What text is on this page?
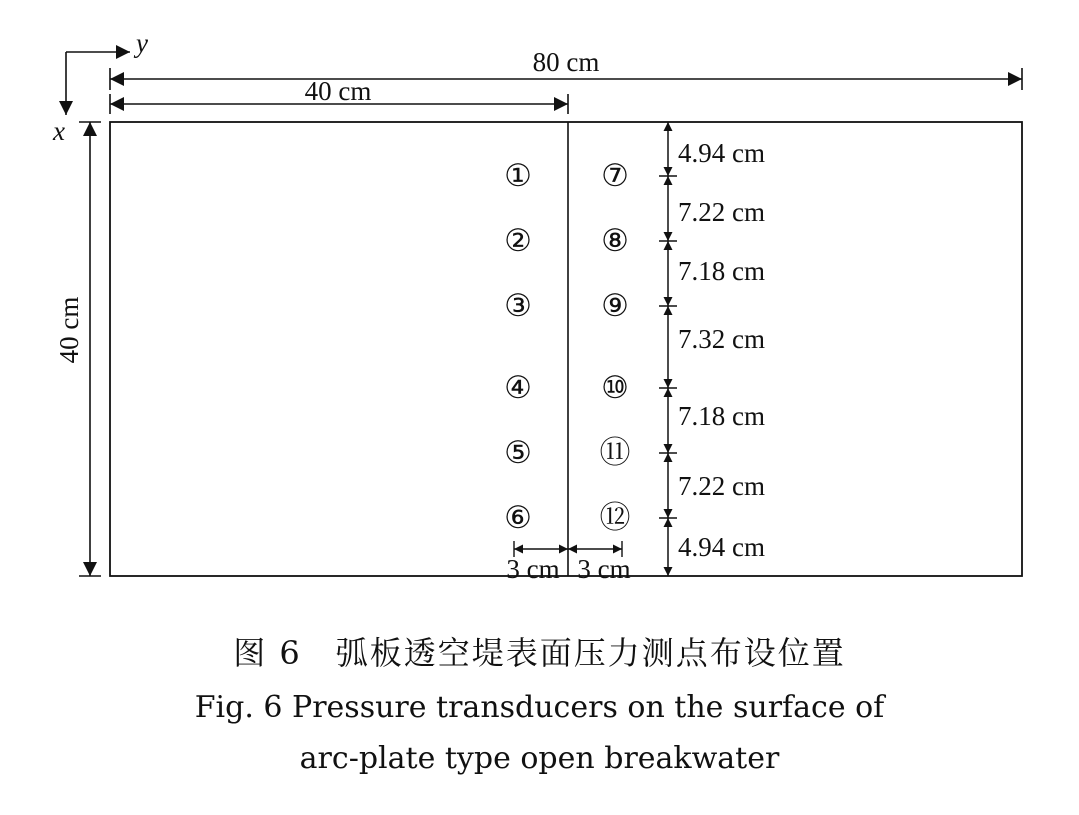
y
x
80 cm
40 cm
40 cm
①
②
③
④
⑤
⑥
⑦
⑧
⑨
⑩
⑪
⑫
4.94 cm
7.22 cm
7.18 cm
7.32 cm
7.18 cm
7.22 cm
4.94 cm
3 cm 3 cm
图 6　弧板透空堤表面压力测点布设位置
Fig. 6 Pressure transducers on the surface of
arc-plate type open breakwater
